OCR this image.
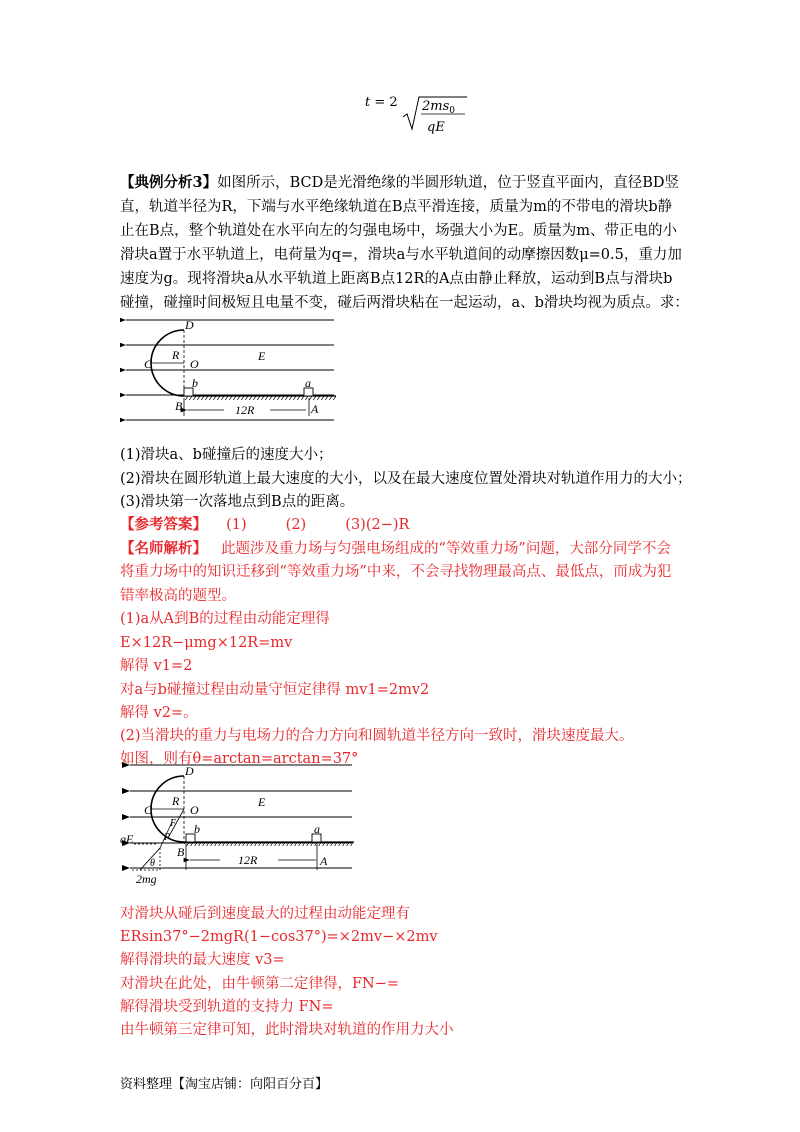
t = 2 $2ms_0$
qE
【典例分析3】如图所示，BCD是光滑绝缘的半圆形轨道，位于竖直平面内，直径BD竖
直，轨道半径为R，下端与水平绝缘轨道在B点平滑连接，质量为m的不带电的滑块b静
止在B点，整个轨道处在水平向左的匀强电场中，场强大小为E。质量为m、带正电的小
滑块a置于水平轨道上，电荷量为q=，滑块a与水平轨道间的动摩擦因数μ=0.5，重力加
速度为g。现将滑块a从水平轨道上距离B点12R的A点由静止释放，运动到B点与滑块b
碰撞，碰撞时间极短且电量不变，碰后两滑块粘在一起运动，a、b滑块均视为质点。求：
D
C
R
O
E
b	a
B	A
12R
(1)滑块a、b碰撞后的速度大小；
(2)滑块在圆形轨道上最大速度的大小，以及在最大速度位置处滑块对轨道作用力的大小；
(3)滑块第一次落地点到B点的距离。
【参考答案】 (1)	(2)	(3)(2−)R
【名师解析】 此题涉及重力场与匀强电场组成的“等效重力场”问题，大部分同学不会
将重力场中的知识迁移到“等效重力场”中来，不会寻找物理最高点、最低点，而成为犯
错率极高的题型。
(1)a从A到B的过程由动能定理得
E×12R−μmg×12R=mv
解得 v1=2
对a与b碰撞过程由动量守恒定律得 mv1=2mv2
解得 v2=。
(2)当滑块的重力与电场力的合力方向和圆轨道半径方向一致时，滑块速度最大。
如图，则有θ=arctan=arctan=37°
D
C
R
O
E
b	a
B
A
12R
F
P
qE
θ
2mg
对滑块从碰后到速度最大的过程由动能定理有
ERsin37°−2mgR(1−cos37°)=×2mv−×2mv
解得滑块的最大速度 v3=
对滑块在此处，由牛顿第二定律得，FN−=
解得滑块受到轨道的支持力 FN=
由牛顿第三定律可知，此时滑块对轨道的作用力大小
资料整理【淘宝店铺：向阳百分百】
